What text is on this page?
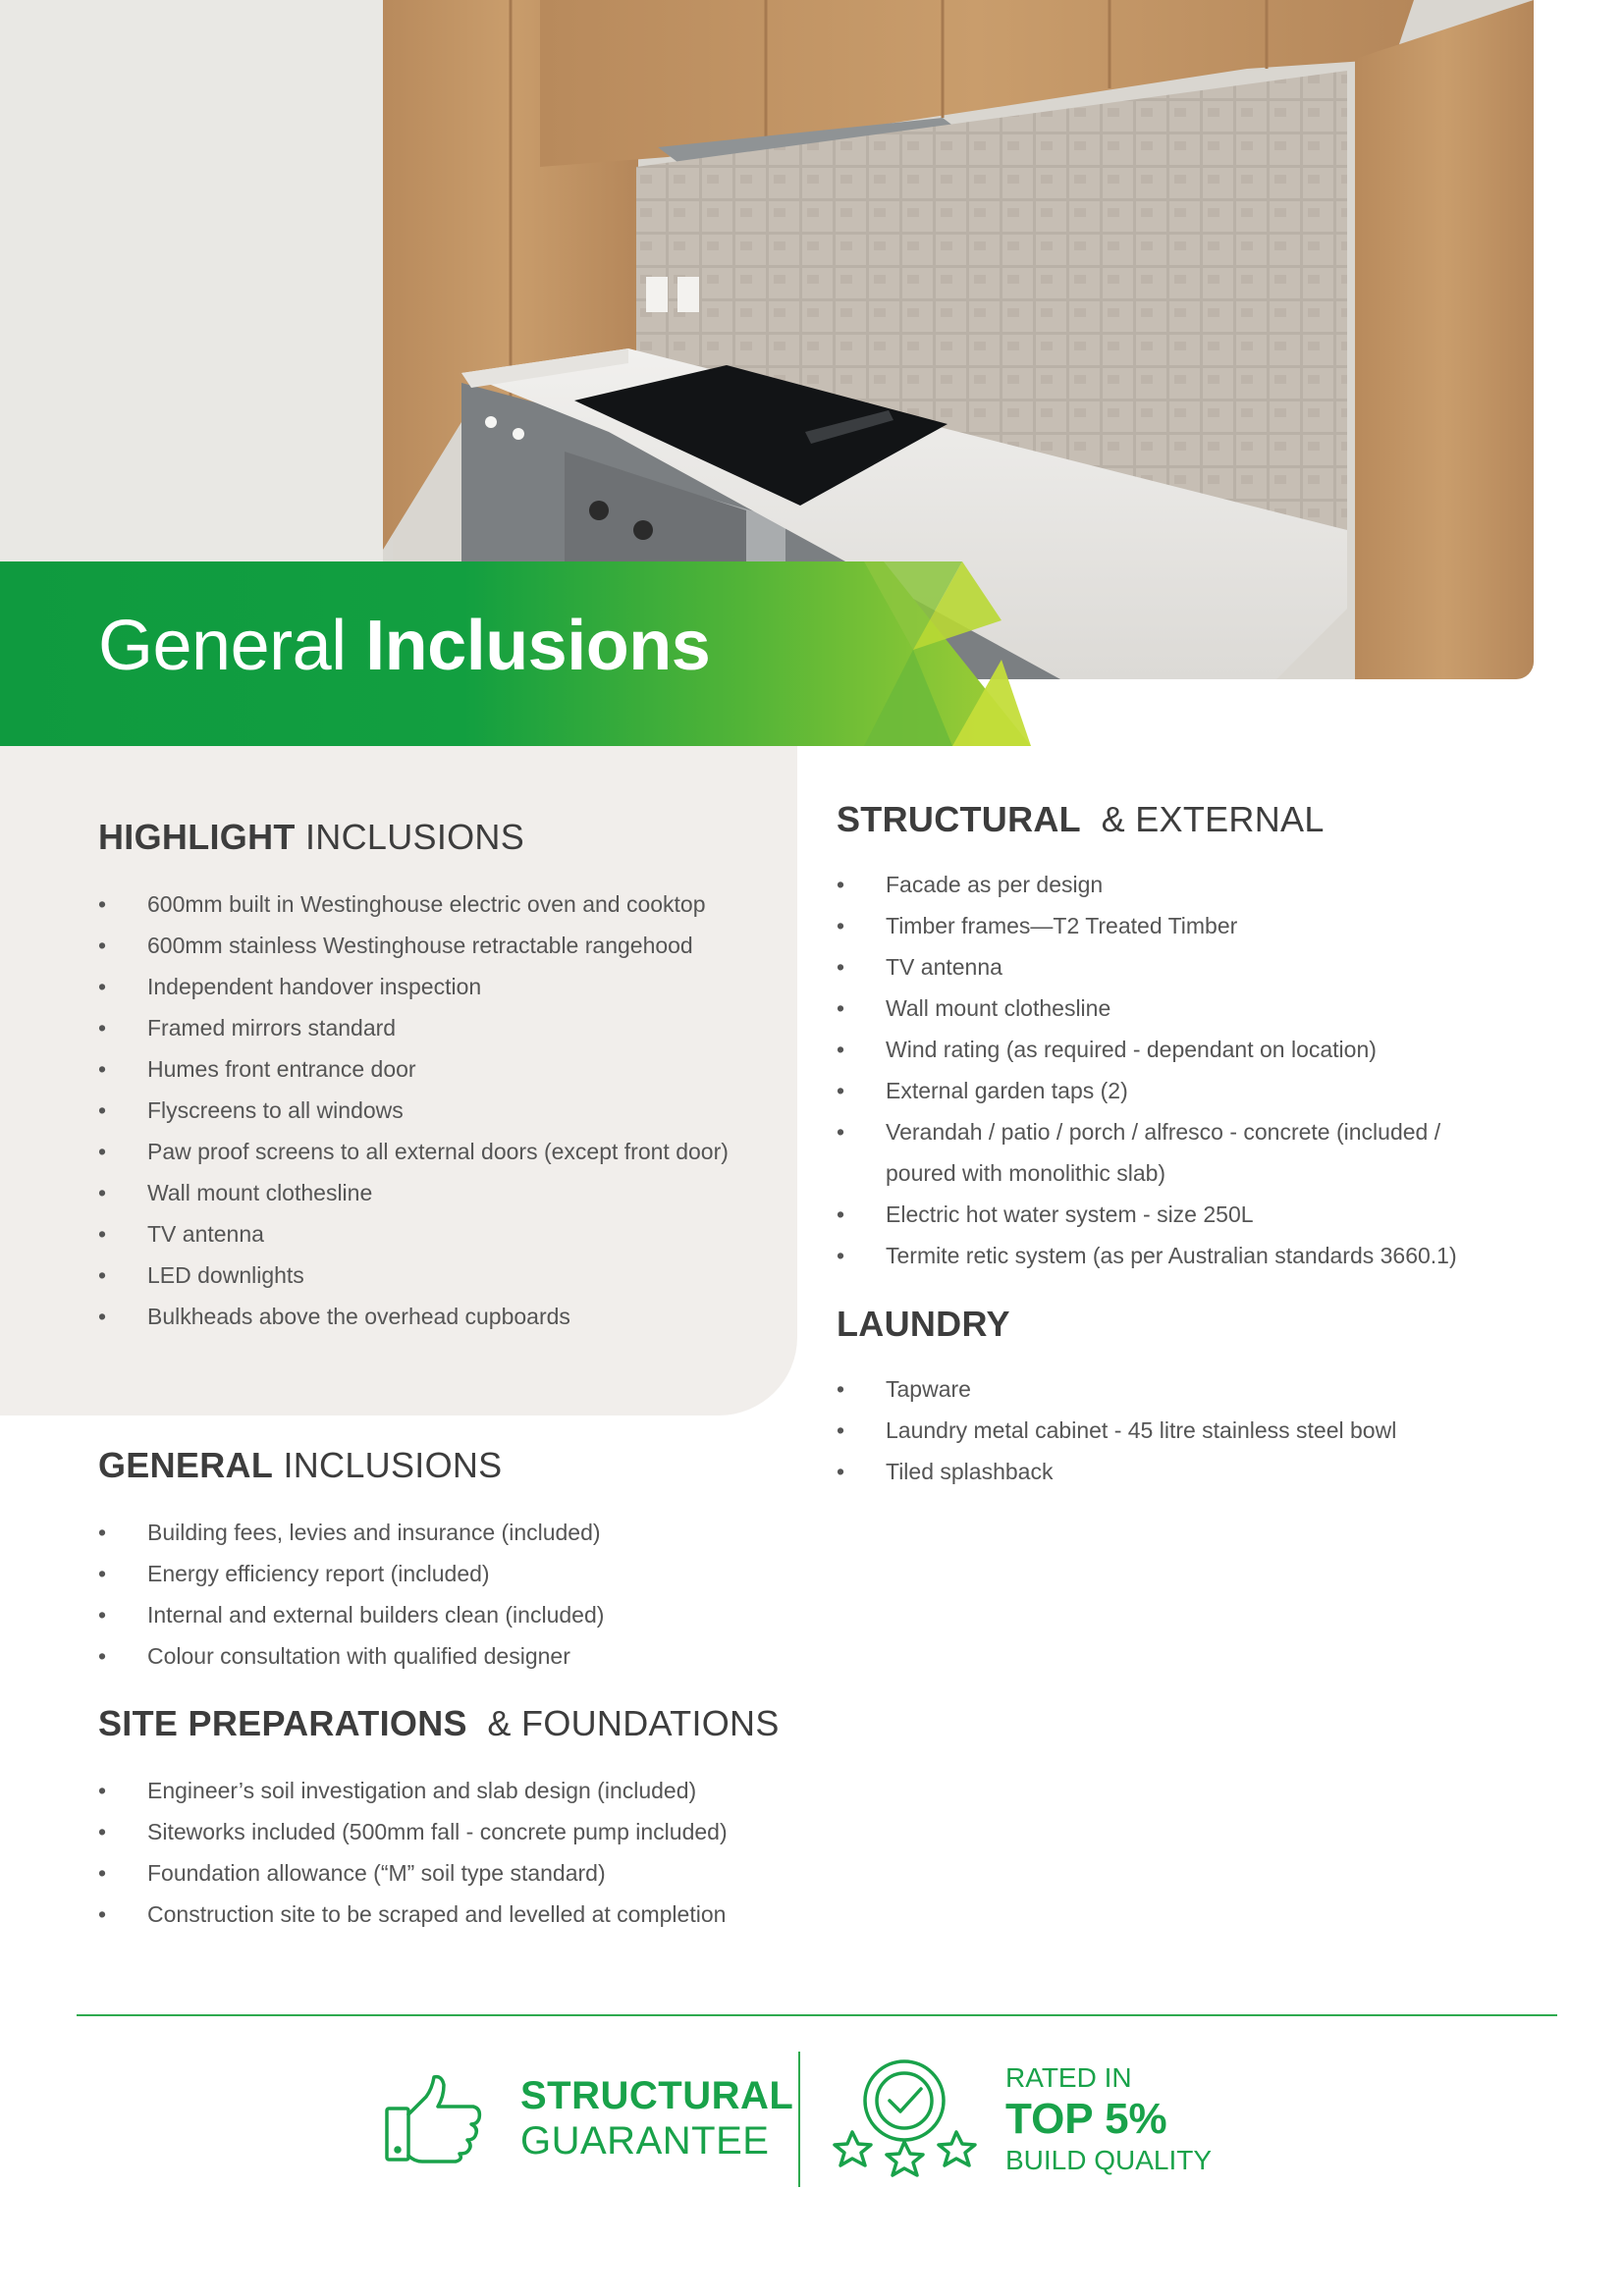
General Inclusions
HIGHLIGHT INCLUSIONS
• 600mm built in Westinghouse electric oven and cooktop
• 600mm stainless Westinghouse retractable rangehood
• Independent handover inspection
• Framed mirrors standard
• Humes front entrance door
• Flyscreens to all windows
• Paw proof screens to all external doors (except front door)
• Wall mount clothesline
• TV antenna
• LED downlights
• Bulkheads above the overhead cupboards
GENERAL INCLUSIONS
• Building fees, levies and insurance (included)
• Energy efficiency report (included)
• Internal and external builders clean (included)
• Colour consultation with qualified designer
SITE PREPARATIONS & FOUNDATIONS
• Engineer’s soil investigation and slab design (included)
• Siteworks included (500mm fall - concrete pump included)
• Foundation allowance (“M” soil type standard)
• Construction site to be scraped and levelled at completion
STRUCTURAL & EXTERNAL
• Facade as per design
• Timber frames—T2 Treated Timber
• TV antenna
• Wall mount clothesline
• Wind rating (as required - dependant on location)
• External garden taps (2)
• Verandah / patio / porch / alfresco - concrete (included / poured with monolithic slab)
• Electric hot water system - size 250L
• Termite retic system (as per Australian standards 3660.1)
LAUNDRY
• Tapware
• Laundry metal cabinet - 45 litre stainless steel bowl
• Tiled splashback
STRUCTURAL
GUARANTEE
RATED IN
TOP 5%
BUILD QUALITY
